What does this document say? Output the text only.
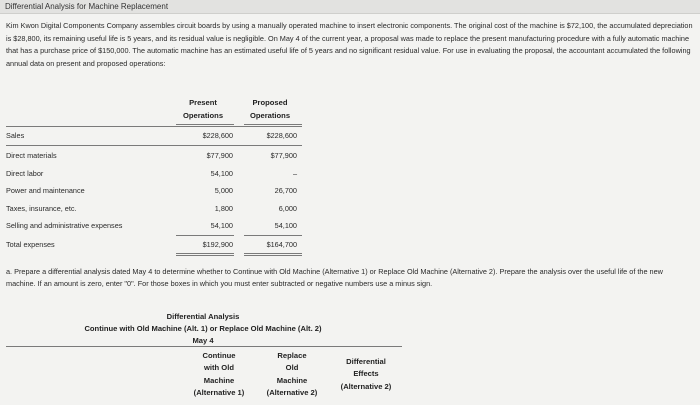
Differential Analysis for Machine Replacement
Kim Kwon Digital Components Company assembles circuit boards by using a manually operated machine to insert electronic components. The original cost of the machine is $72,100, the accumulated depreciation is $28,800, its remaining useful life is 5 years, and its residual value is negligible. On May 4 of the current year, a proposal was made to replace the present manufacturing procedure with a fully automatic machine that has a purchase price of $150,000. The automatic machine has an estimated useful life of 5 years and no significant residual value. For use in evaluating the proposal, the accountant accumulated the following annual data on present and proposed operations:
Present
Operations
Proposed
Operations
Sales	$228,600	$228,600
Direct materials	$77,900	$77,900
Direct labor	54,100	–
Power and maintenance	5,000	26,700
Taxes, insurance, etc.	1,800	6,000
Selling and administrative expenses	54,100	54,100
Total expenses	$192,900	$164,700
a. Prepare a differential analysis dated May 4 to determine whether to Continue with Old Machine (Alternative 1) or Replace Old Machine (Alternative 2). Prepare the analysis over the useful life of the new machine. If an amount is zero, enter "0". For those boxes in which you must enter subtracted or negative numbers use a minus sign.
Differential Analysis
Continue with Old Machine (Alt. 1) or Replace Old Machine (Alt. 2)
May 4
Continue
with Old
Machine
(Alternative 1)
Replace
Old
Machine
(Alternative 2)
Differential
Effects
(Alternative 2)
